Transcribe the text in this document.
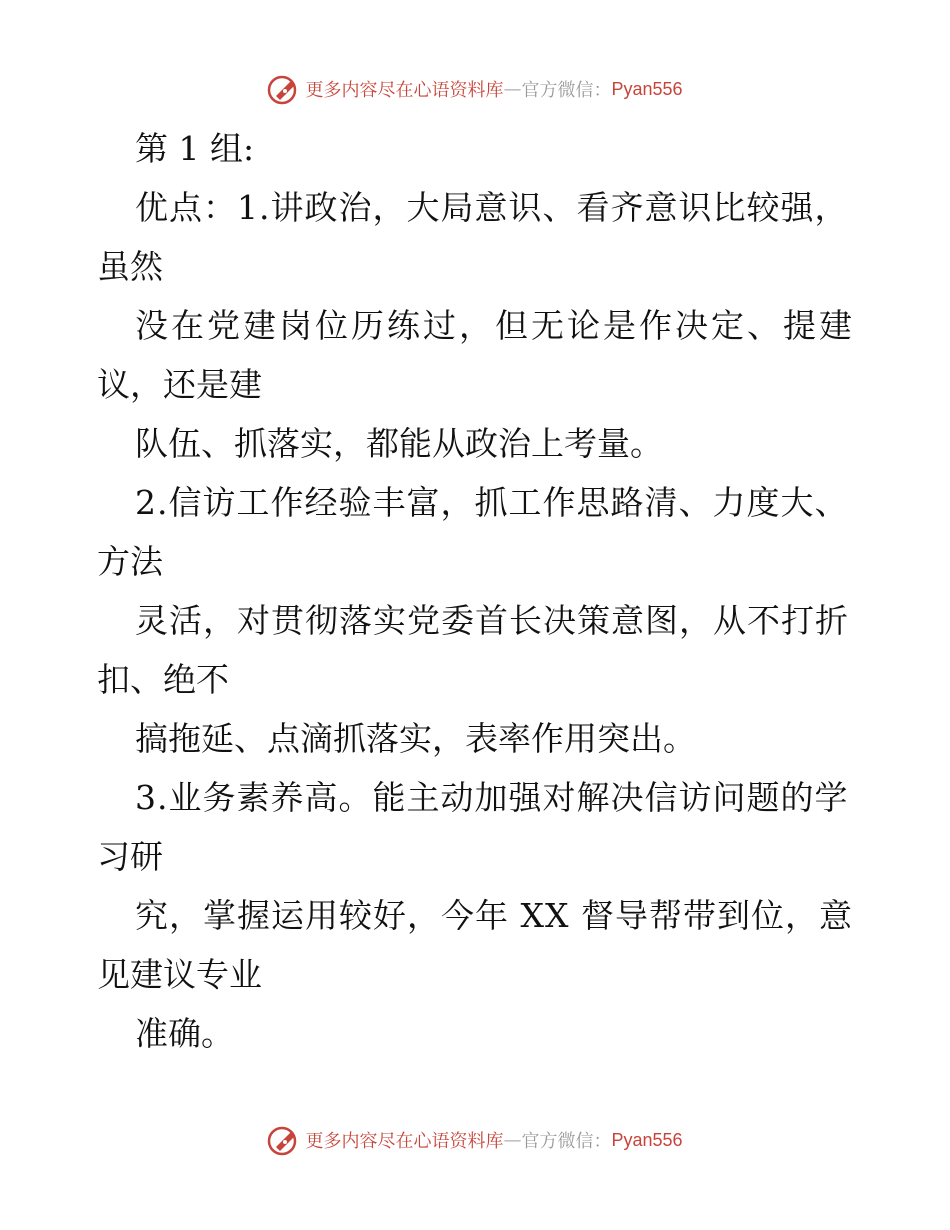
更多内容尽在心语资料库 — 官方微信： Pyan556
第 1 组:
优点：1.讲政治，大局意识、看齐意识比较强，
虽然
没在党建岗位历练过，但无论是作决定、提建
议，还是建
队伍、抓落实，都能从政治上考量。
2.信访工作经验丰富，抓工作思路清、力度大、
方法
灵活，对贯彻落实党委首长决策意图，从不打折
扣、绝不
搞拖延、点滴抓落实，表率作用突出。
3.业务素养高。能主动加强对解决信访问题的学
习研
究，掌握运用较好，今年 XX 督导帮带到位，意
见建议专业
准确。
更多内容尽在心语资料库 — 官方微信： Pyan556
